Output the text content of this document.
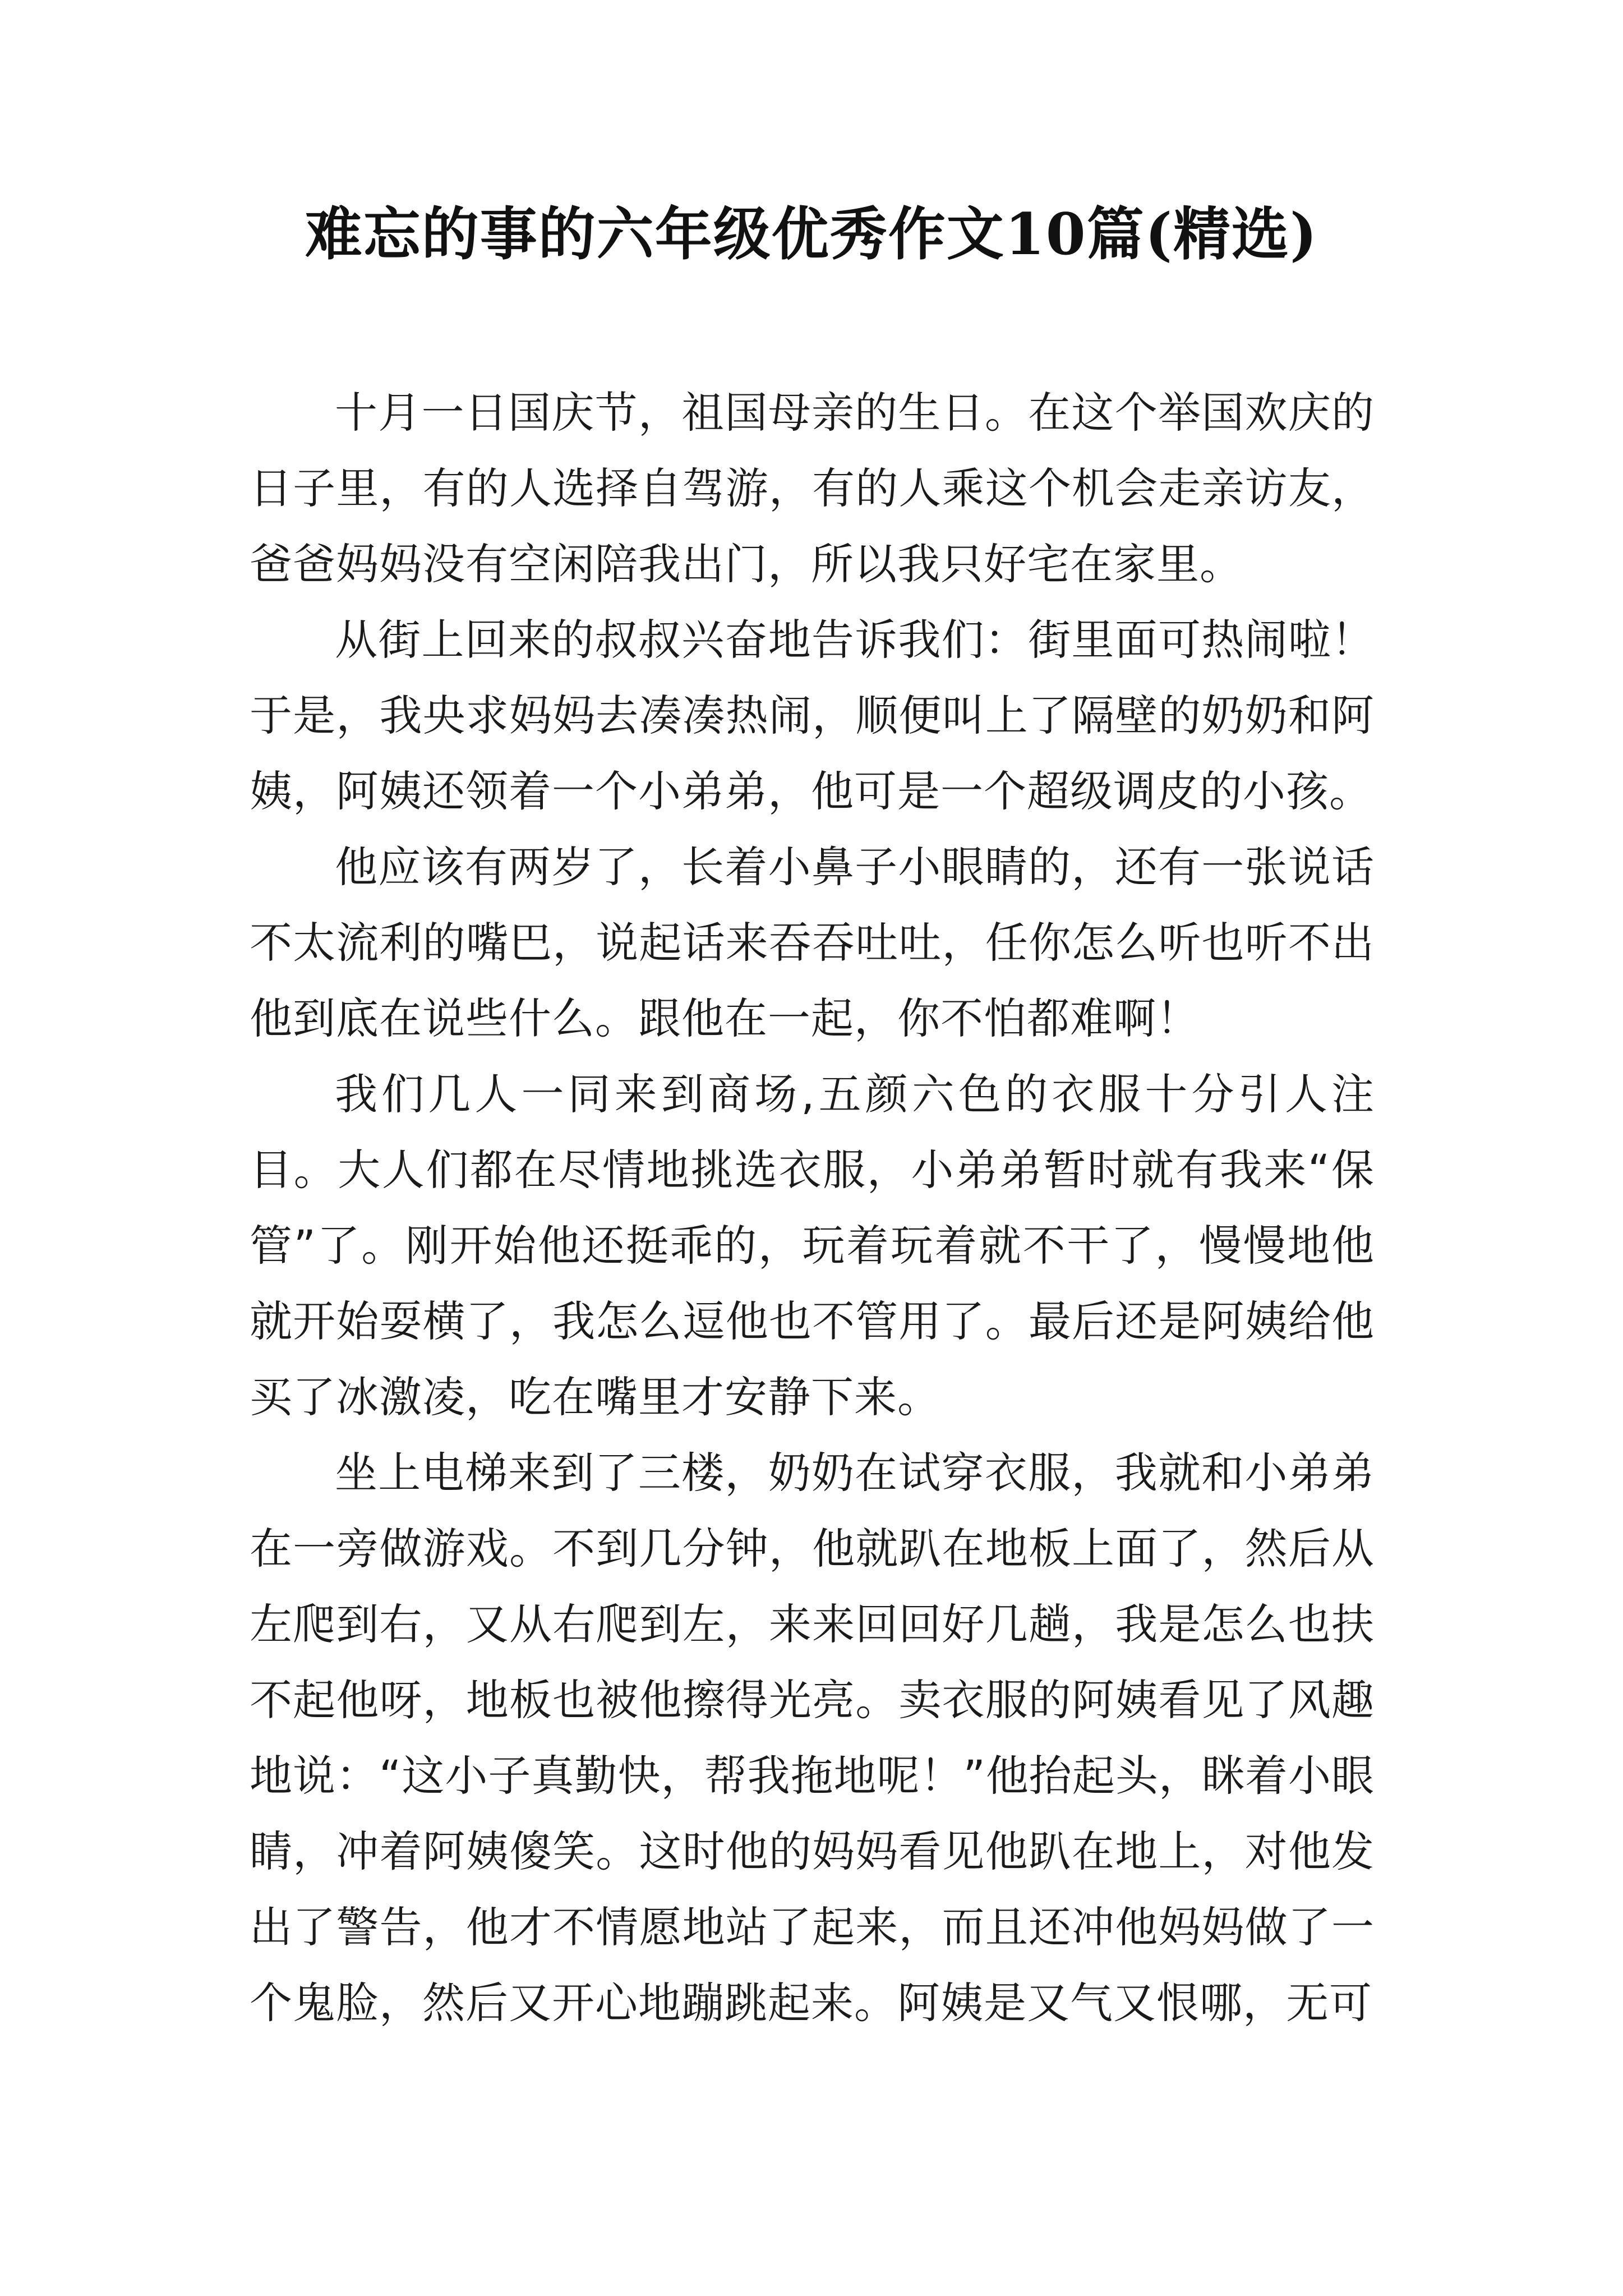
难忘的事的六年级优秀作文10篇(精选)

十月一日国庆节，祖国母亲的生日。在这个举国欢庆的日子里，有的人选择自驾游，有的人乘这个机会走亲访友，爸爸妈妈没有空闲陪我出门，所以我只好宅在家里。

从街上回来的叔叔兴奋地告诉我们：街里面可热闹啦！于是，我央求妈妈去凑凑热闹，顺便叫上了隔壁的奶奶和阿姨，阿姨还领着一个小弟弟，他可是一个超级调皮的小孩。

他应该有两岁了，长着小鼻子小眼睛的，还有一张说话不太流利的嘴巴，说起话来吞吞吐吐，任你怎么听也听不出他到底在说些什么。跟他在一起，你不怕都难啊！

我们几人一同来到商场,五颜六色的衣服十分引人注目。大人们都在尽情地挑选衣服，小弟弟暂时就有我来“保管”了。刚开始他还挺乖的，玩着玩着就不干了，慢慢地他就开始耍横了，我怎么逗他也不管用了。最后还是阿姨给他买了冰激凌，吃在嘴里才安静下来。

坐上电梯来到了三楼，奶奶在试穿衣服，我就和小弟弟在一旁做游戏。不到几分钟，他就趴在地板上面了，然后从左爬到右，又从右爬到左，来来回回好几趟，我是怎么也扶不起他呀，地板也被他擦得光亮。卖衣服的阿姨看见了风趣地说：“这小子真勤快，帮我拖地呢！”他抬起头，眯着小眼睛，冲着阿姨傻笑。这时他的妈妈看见他趴在地上，对他发出了警告，他才不情愿地站了起来，而且还冲他妈妈做了一个鬼脸，然后又开心地蹦跳起来。阿姨是又气又恨哪，无可
